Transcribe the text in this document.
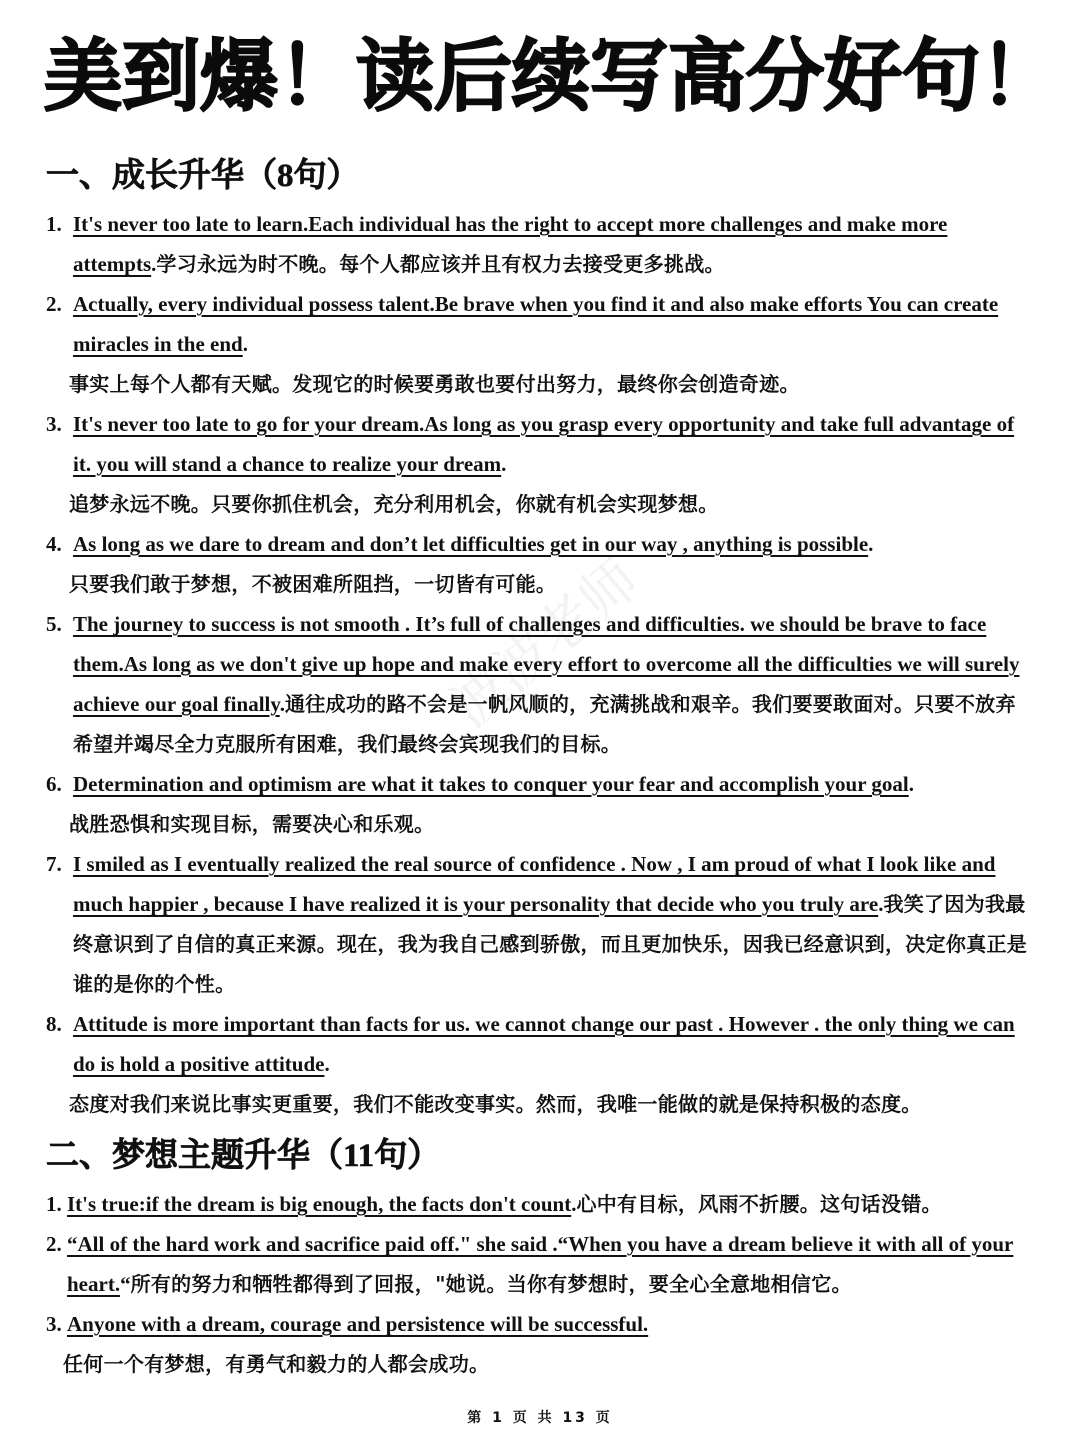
美到爆！读后续写高分好句！
波波老师
一、成长升华（8句）
1. It's never too late to learn.Each individual has the right to accept more challenges and make more attempts.学习永远为时不晚。每个人都应该并且有权力去接受更多挑战。
2. Actually, every individual possess talent.Be brave when you find it and also make efforts You can create miracles in the end.
事实上每个人都有天赋。发现它的时候要勇敢也要付出努力，最终你会创造奇迹。
3. It's never too late to go for your dream.As long as you grasp every opportunity and take full advantage of it. you will stand a chance to realize your dream.
追梦永远不晚。只要你抓住机会，充分利用机会，你就有机会实现梦想。
4. As long as we dare to dream and don’t let difficulties get in our way , anything is possible.
只要我们敢于梦想，不被困难所阻挡，一切皆有可能。
5. The journey to success is not smooth . It’s full of challenges and difficulties. we should be brave to face them.As long as we don't give up hope and make every effort to overcome all the difficulties we will surely achieve our goal finally.通往成功的路不会是一帆风顺的，充满挑战和艰辛。我们要要敢面对。只要不放弃希望并竭尽全力克服所有困难，我们最终会宾现我们的目标。
6. Determination and optimism are what it takes to conquer your fear and accomplish your goal.
战胜恐惧和实现目标，需要决心和乐观。
7. I smiled as I eventually realized the real source of confidence . Now , I am proud of what I look like and much happier , because I have realized it is your personality that decide who you truly are.我笑了因为我最终意识到了自信的真正来源。现在，我为我自己感到骄傲，而且更加快乐，因我已经意识到，决定你真正是谁的是你的个性。
8. Attitude is more important than facts for us. we cannot change our past . However . the only thing we can do is hold a positive attitude.
态度对我们来说比事实更重要，我们不能改变事实。然而，我唯一能做的就是保持积极的态度。
二、梦想主题升华（11句）
1. It's true:if the dream is big enough, the facts don't count.心中有目标，风雨不折腰。这句话没错。
2. “All of the hard work and sacrifice paid off." she said .“When you have a dream believe it with all of your heart.“所有的努力和牺牲都得到了回报，"她说。当你有梦想时，要全心全意地相信它。
3. Anyone with a dream, courage and persistence will be successful.
任何一个有梦想，有勇气和毅力的人都会成功。
第 1 页 共 13 页
